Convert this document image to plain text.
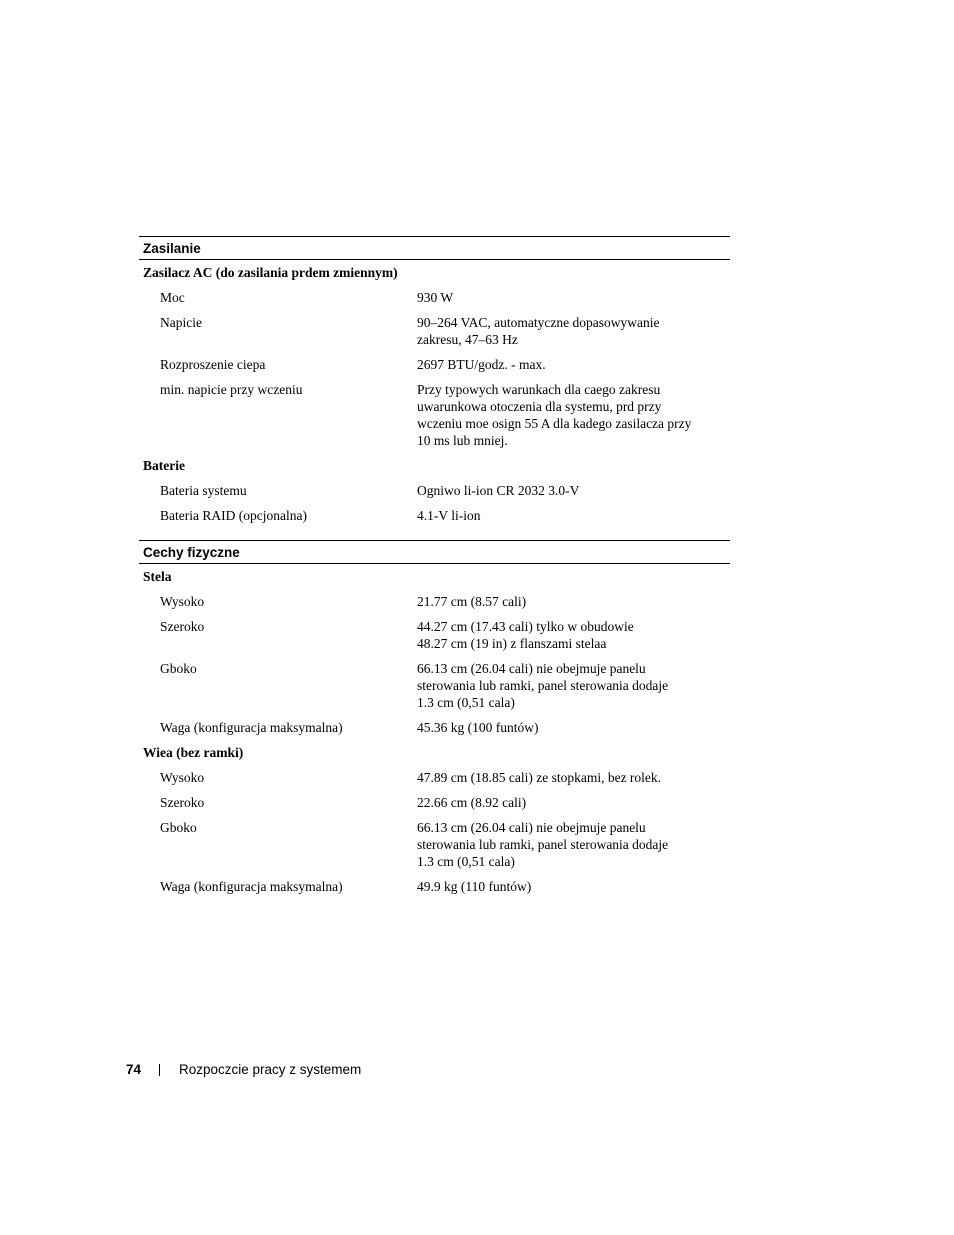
Zasilanie
Zasilacz AC (do zasilania prdem zmiennym)
Moc	930 W
Napicie	90–264 VAC, automatyczne dopasowywanie
zakresu, 47–63 Hz
Rozproszenie ciepa	2697 BTU/godz. - max.
min. napicie przy wczeniu	Przy typowych warunkach dla caego zakresu
uwarunkowa otoczenia dla systemu, prd przy
wczeniu moe osign 55 A dla kadego zasilacza przy
10 ms lub mniej.
Baterie
Bateria systemu	Ogniwo li-ion CR 2032 3.0-V
Bateria RAID (opcjonalna)	4.1-V li-ion
Cechy fizyczne
Stela
Wysoko	21.77 cm (8.57 cali)
Szeroko	44.27 cm (17.43 cali) tylko w obudowie
48.27 cm (19 in) z flanszami stelaa
Gboko	66.13 cm (26.04 cali) nie obejmuje panelu
sterowania lub ramki, panel sterowania dodaje
1.3 cm (0,51 cala)
Waga (konfiguracja maksymalna)	45.36 kg (100 funtów)
Wiea (bez ramki)
Wysoko	47.89 cm (18.85 cali) ze stopkami, bez rolek.
Szeroko	22.66 cm (8.92 cali)
Gboko	66.13 cm (26.04 cali) nie obejmuje panelu
sterowania lub ramki, panel sterowania dodaje
1.3 cm (0,51 cala)
Waga (konfiguracja maksymalna)	49.9 kg (110 funtów)
74	Rozpoczcie pracy z systemem
